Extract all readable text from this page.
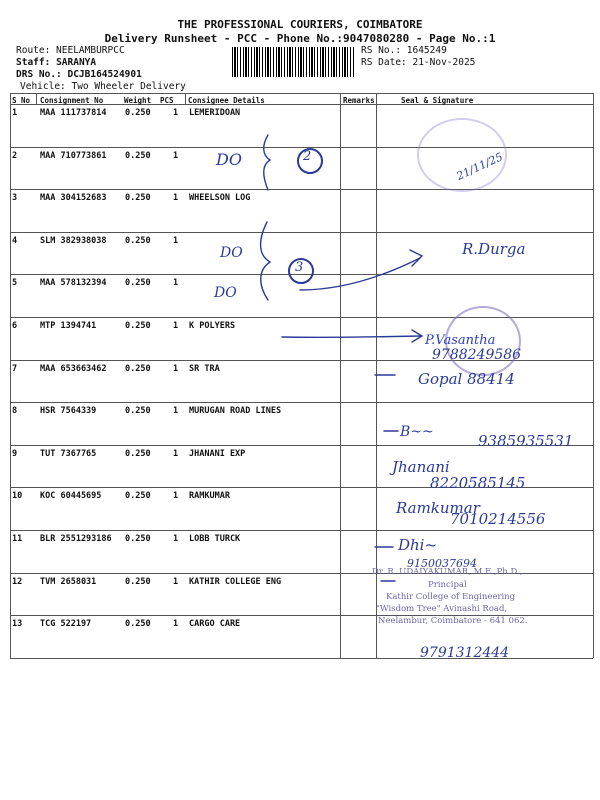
THE PROFESSIONAL COURIERS, COIMBATORE
Delivery Runsheet - PCC - Phone No.:9047080280 - Page No.:1
Route: NEELAMBURPCC
Staff: SARANYA
DRS No.: DCJB164524901
Vehicle: Two Wheeler Delivery
RS No.: 1645249
RS Date: 21-Nov-2025
S No Consignment No	Weight PCS Consignee Details	Remarks	Seal & Signature
1	MAA 111737814 0.250	1 LEMERIDOAN
2	MAA 710773861 0.250	1
3	MAA 304152683 0.250	1 WHEELSON LOG
4	SLM 382938038 0.250	1
5	MAA 578132394 0.250	1
6	MTP 1394741	0.250	1 K POLYERS
7	MAA 653663462 0.250	1 SR TRA
8	HSR 7564339	0.250	1 MURUGAN ROAD LINES
9	TUT 7367765	0.250	1 JHANANI EXP
10 KOC 60445695	0.250	1 RAMKUMAR
11 BLR 2551293186 0.250	1 LOBB TURCK
12 TVM 2658031	0.250	1 KATHIR COLLEGE ENG
13 TCG 522197	0.250	1 CARGO CARE
DO	2	21/11/25
DO
DO
3
R.Durga
P.Vasantha
9788249586
Gopal 88414
B~~	9385935531
Jhanani
8220585145
Ramkumar
7010214556
Dhi~
9150037694
Dr. R. UDAIYAKUMAR, M.E.,Ph.D.,
Principal
Kathir College of Engineering
"Wisdom Tree" Avinashi Road,
Neelambur, Coimbatore - 641 062.
9791312444
